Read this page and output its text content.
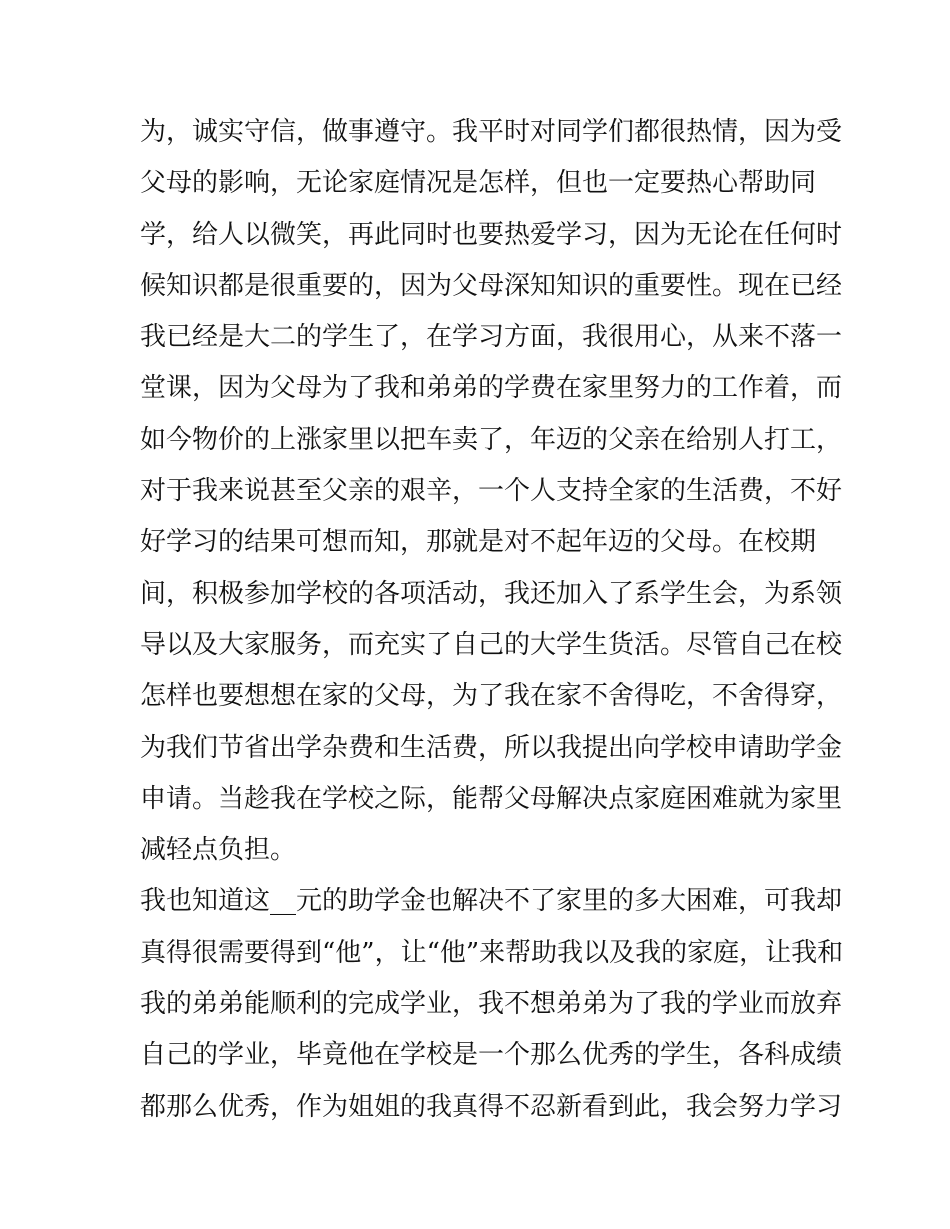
为，诚实守信，做事遵守。我平时对同学们都很热情，因为受
父母的影响，无论家庭情况是怎样，但也一定要热心帮助同
学，给人以微笑，再此同时也要热爱学习，因为无论在任何时
候知识都是很重要的，因为父母深知知识的重要性。现在已经
我已经是大二的学生了，在学习方面，我很用心，从来不落一
堂课，因为父母为了我和弟弟的学费在家里努力的工作着，而
如今物价的上涨家里以把车卖了，年迈的父亲在给别人打工，
对于我来说甚至父亲的艰辛，一个人支持全家的生活费，不好
好学习的结果可想而知，那就是对不起年迈的父母。在校期
间，积极参加学校的各项活动，我还加入了系学生会，为系领
导以及大家服务，而充实了自己的大学生货活。尽管自己在校
怎样也要想想在家的父母，为了我在家不舍得吃，不舍得穿，
为我们节省出学杂费和生活费，所以我提出向学校申请助学金
申请。当趁我在学校之际，能帮父母解决点家庭困难就为家里
减轻点负担。
我也知道这__元的助学金也解决不了家里的多大困难，可我却
真得很需要得到“他”，让“他”来帮助我以及我的家庭，让我和
我的弟弟能顺利的完成学业，我不想弟弟为了我的学业而放弃
自己的学业，毕竟他在学校是一个那么优秀的学生，各科成绩
都那么优秀，作为姐姐的我真得不忍新看到此，我会努力学习
